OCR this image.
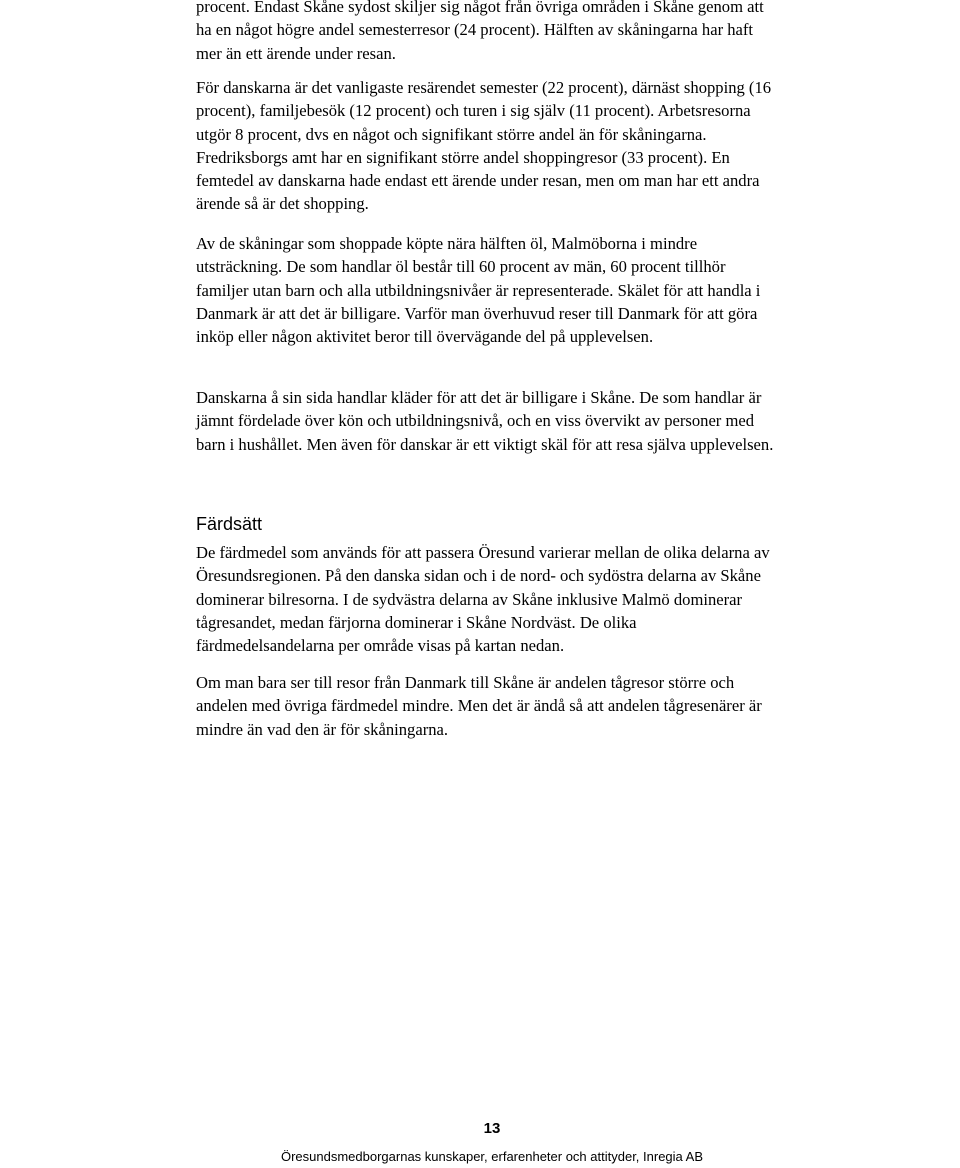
procent. Endast Skåne sydost skiljer sig något från övriga områden i Skåne genom att ha en något högre andel semesterresor (24 procent). Hälften av skåningarna har haft mer än ett ärende under resan.

För danskarna är det vanligaste resärendet semester (22 procent), därnäst shopping (16 procent), familjebesök (12 procent) och turen i sig själv (11 procent). Arbetsresorna utgör 8 procent, dvs en något och signifikant större andel än för skåningarna. Fredriksborgs amt har en signifikant större andel shoppingresor (33 procent). En femtedel av danskarna hade endast ett ärende under resan, men om man har ett andra ärende så är det shopping.

Av de skåningar som shoppade köpte nära hälften öl, Malmöborna i mindre utsträckning. De som handlar öl består till 60 procent av män, 60 procent tillhör familjer utan barn och alla utbildningsnivåer är representerade. Skälet för att handla i Danmark är att det är billigare. Varför man överhuvud reser till Danmark för att göra inköp eller någon aktivitet beror till övervägande del på upplevelsen.

Danskarna å sin sida handlar kläder för att det är billigare i Skåne. De som handlar är jämnt fördelade över kön och utbildningsnivå, och en viss övervikt av personer med barn i hushållet. Men även för danskar är ett viktigt skäl för att resa själva upplevelsen.

Färdsätt

De färdmedel som används för att passera Öresund varierar mellan de olika delarna av Öresundsregionen. På den danska sidan och i de nord- och sydöstra delarna av Skåne dominerar bilresorna. I de sydvästra delarna av Skåne inklusive Malmö dominerar tågresandet, medan färjorna dominerar i Skåne Nordväst. De olika färdmedelsandelarna per område visas på kartan nedan.

Om man bara ser till resor från Danmark till Skåne är andelen tågresor större och andelen med övriga färdmedel mindre. Men det är ändå så att andelen tågresenärer är mindre än vad den är för skåningarna.

13
Öresundsmedborgarnas kunskaper, erfarenheter och attityder, Inregia AB
